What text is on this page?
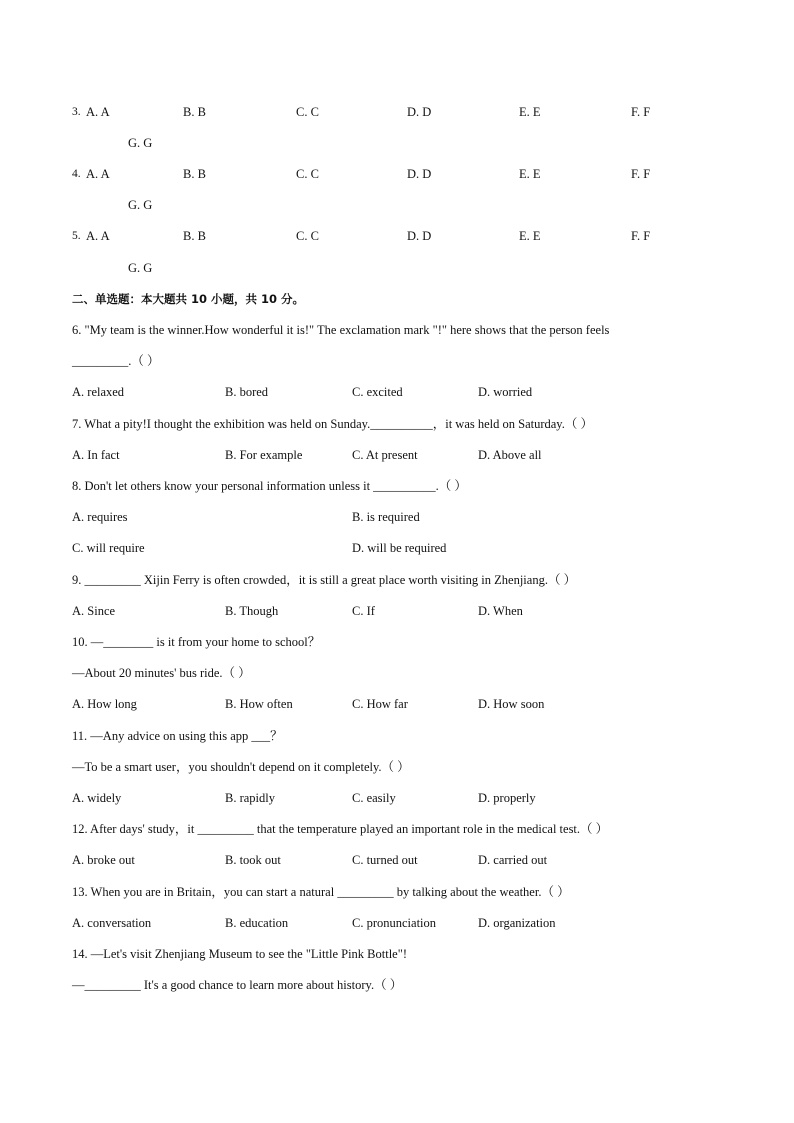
3. A. A	B. B	C. C	D. D	E. E	F. F
G. G
4. A. A	B. B	C. C	D. D	E. E	F. F
G. G
5. A. A	B. B	C. C	D. D	E. E	F. F
G. G
二、单选题：本大题共 10 小题，共 10 分。
6. "My team is the winner.How wonderful it is!" The exclamation mark "!" here shows that the person feels
_________.（ ）
A. relaxed	B. bored	C. excited	D. worried
7. What a pity!I thought the exhibition was held on Sunday.__________，it was held on Saturday.（ ）
A. In fact	B. For example	C. At present	D. Above all
8. Don't let others know your personal information unless it __________.（ ）
A. requires	B. is required
C. will require	D. will be required
9. _________ Xijin Ferry is often crowded，it is still a great place worth visiting in Zhenjiang.（ ）
A. Since	B. Though	C. If	D. When
10. —________ is it from your home to school？
—About 20 minutes' bus ride.（ ）
A. How long	B. How often	C. How far	D. How soon
11. —Any advice on using this app ___？
—To be a smart user，you shouldn't depend on it completely.（ ）
A. widely	B. rapidly	C. easily	D. properly
12. After days' study，it _________ that the temperature played an important role in the medical test.（ ）
A. broke out	B. took out	C. turned out	D. carried out
13. When you are in Britain，you can start a natural _________ by talking about the weather.（ ）
A. conversation	B. education	C. pronunciation	D. organization
14. —Let's visit Zhenjiang Museum to see the "Little Pink Bottle"!
—_________ It's a good chance to learn more about history.（ ）
